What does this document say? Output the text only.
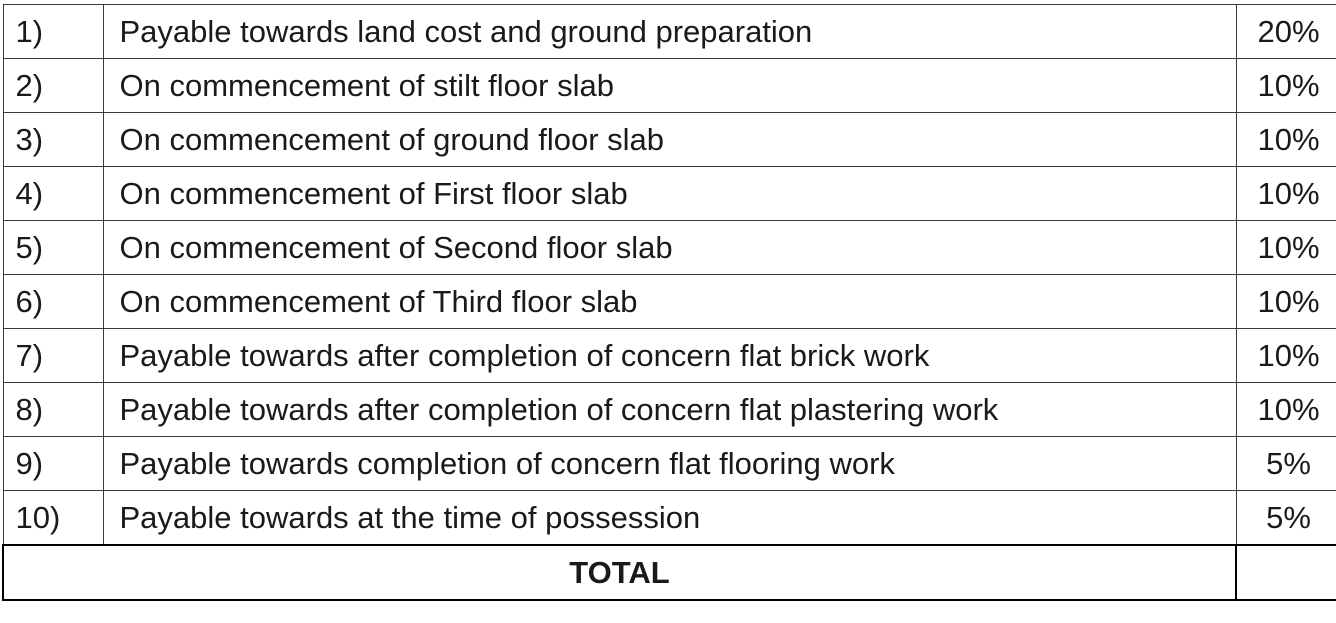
1)	Payable towards land cost and ground preparation	20%
2)	On commencement of stilt floor slab	10%
3)	On commencement of ground floor slab	10%
4)	On commencement of First floor slab	10%
5)	On commencement of Second floor slab	10%
6)	On commencement of Third floor slab	10%
7)	Payable towards after completion of concern flat brick work	10%
8)	Payable towards after completion of concern flat plastering work	10%
9)	Payable towards completion of concern flat flooring work	5%
10)	Payable towards at the time of possession	5%
TOTAL		
